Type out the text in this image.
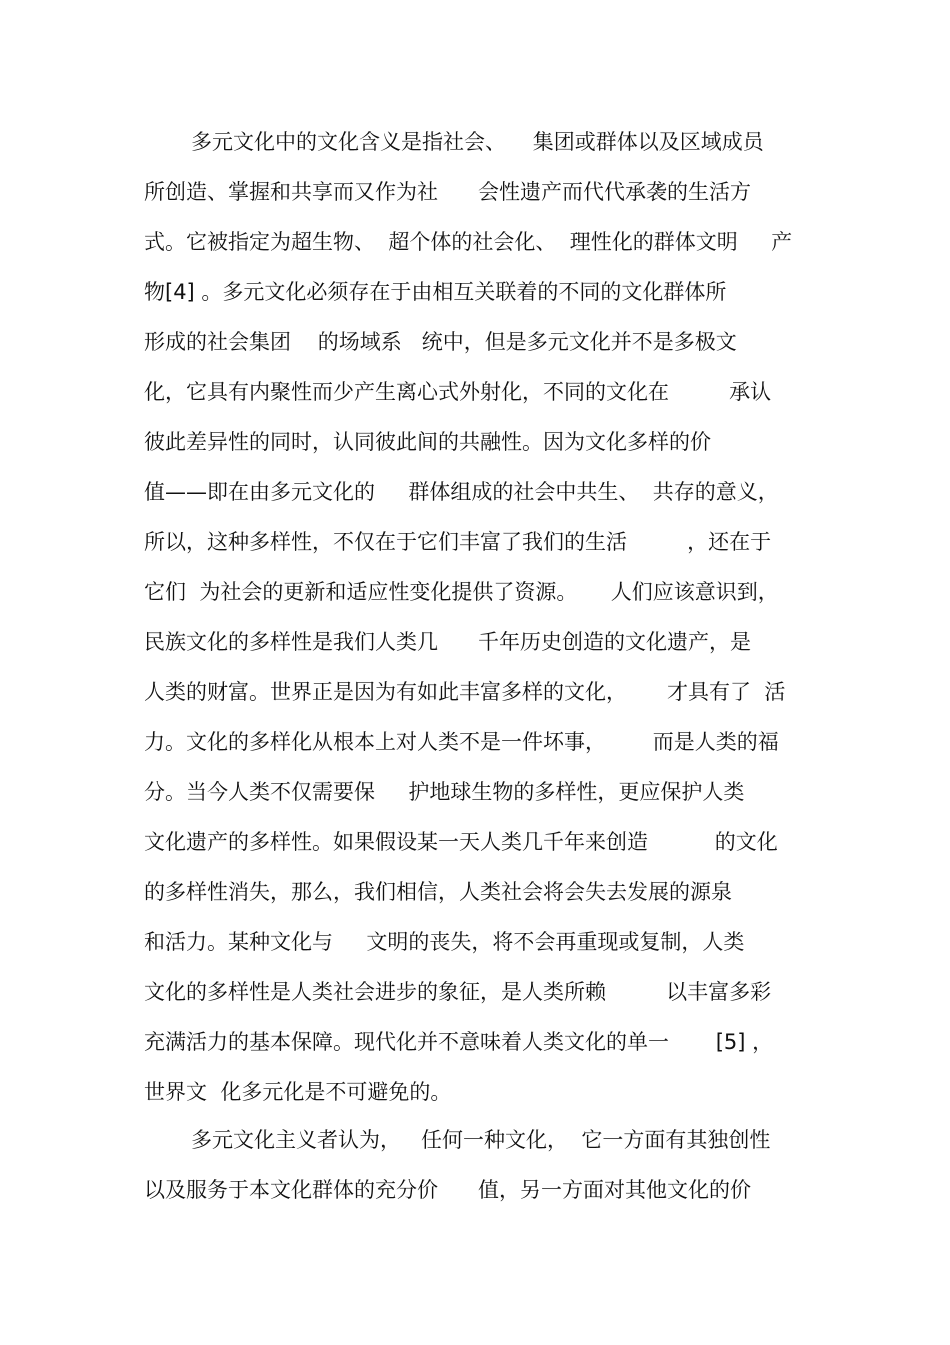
多元文化中的文化含义是指社会、    集团或群体以及区域成员
所创造、掌握和共享而又作为社      会性遗产而代代承袭的生活方
式。它被指定为超生物、  超个体的社会化、  理性化的群体文明     产
物[4] 。多元文化必须存在于由相互关联着的不同的文化群体所
形成的社会集团    的场域系   统中，但是多元文化并不是多极文
化，它具有内聚性而少产生离心式外射化，不同的文化在         承认
彼此差异性的同时，认同彼此间的共融性。因为文化多样的价
值——即在由多元文化的     群体组成的社会中共生、  共存的意义，
所以，这种多样性，不仅在于它们丰富了我们的生活         ，还在于
它们  为社会的更新和适应性变化提供了资源。     人们应该意识到，
民族文化的多样性是我们人类几      千年历史创造的文化遗产，是
人类的财富。世界正是因为有如此丰富多样的文化，      才具有了  活
力。文化的多样化从根本上对人类不是一件坏事，       而是人类的福
分。当今人类不仅需要保     护地球生物的多样性，更应保护人类
文化遗产的多样性。如果假设某一天人类几千年来创造          的文化
的多样性消失，那么，我们相信，人类社会将会失去发展的源泉
和活力。某种文化与     文明的丧失，将不会再重现或复制，人类
文化的多样性是人类社会进步的象征，是人类所赖         以丰富多彩
充满活力的基本保障。现代化并不意味着人类文化的单一       [5] ，
世界文  化多元化是不可避免的。
多元文化主义者认为，   任何一种文化，  它一方面有其独创性
以及服务于本文化群体的充分价      值，另一方面对其他文化的价
